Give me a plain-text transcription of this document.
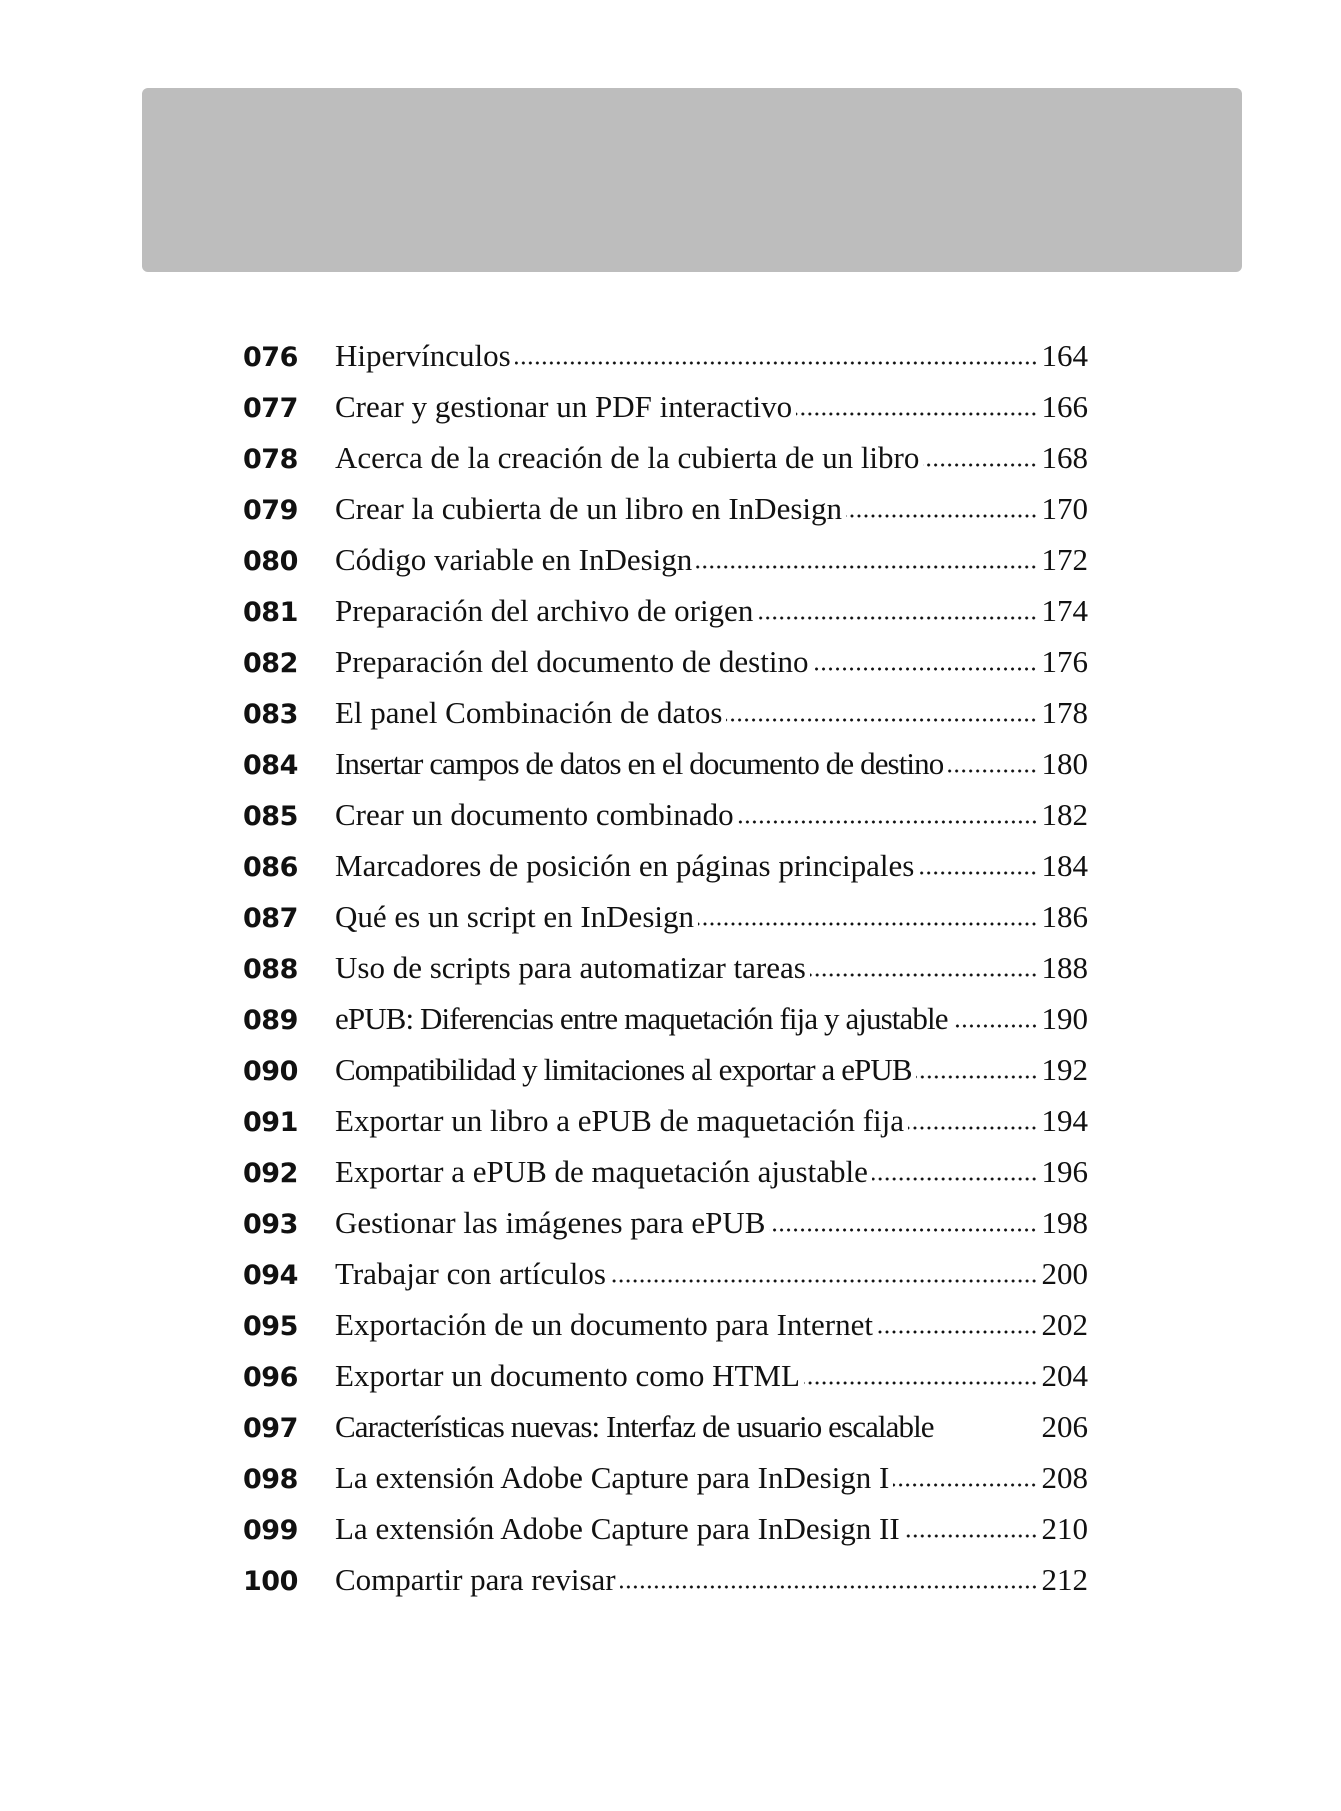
076	Hipervínculos	164
077	Crear y gestionar un PDF interactivo	166
078	Acerca de la creación de la cubierta de un libro	168
079	Crear la cubierta de un libro en InDesign	170
080	Código variable en InDesign	172
081	Preparación del archivo de origen	174
082	Preparación del documento de destino	176
083	El panel Combinación de datos	178
084	Insertar campos de datos en el documento de destino	180
085	Crear un documento combinado	182
086	Marcadores de posición en páginas principales	184
087	Qué es un script en InDesign	186
088	Uso de scripts para automatizar tareas	188
089	ePUB: Diferencias entre maquetación fija y ajustable	190
090	Compatibilidad y limitaciones al exportar a ePUB	192
091	Exportar un libro a ePUB de maquetación fija	194
092	Exportar a ePUB de maquetación ajustable	196
093	Gestionar las imágenes para ePUB	198
094	Trabajar con artículos	200
095	Exportación de un documento para Internet	202
096	Exportar un documento como HTML	204
097	Características nuevas: Interfaz de usuario escalable	206
098	La extensión Adobe Capture para InDesign I	208
099	La extensión Adobe Capture para InDesign II	210
100	Compartir para revisar	212
